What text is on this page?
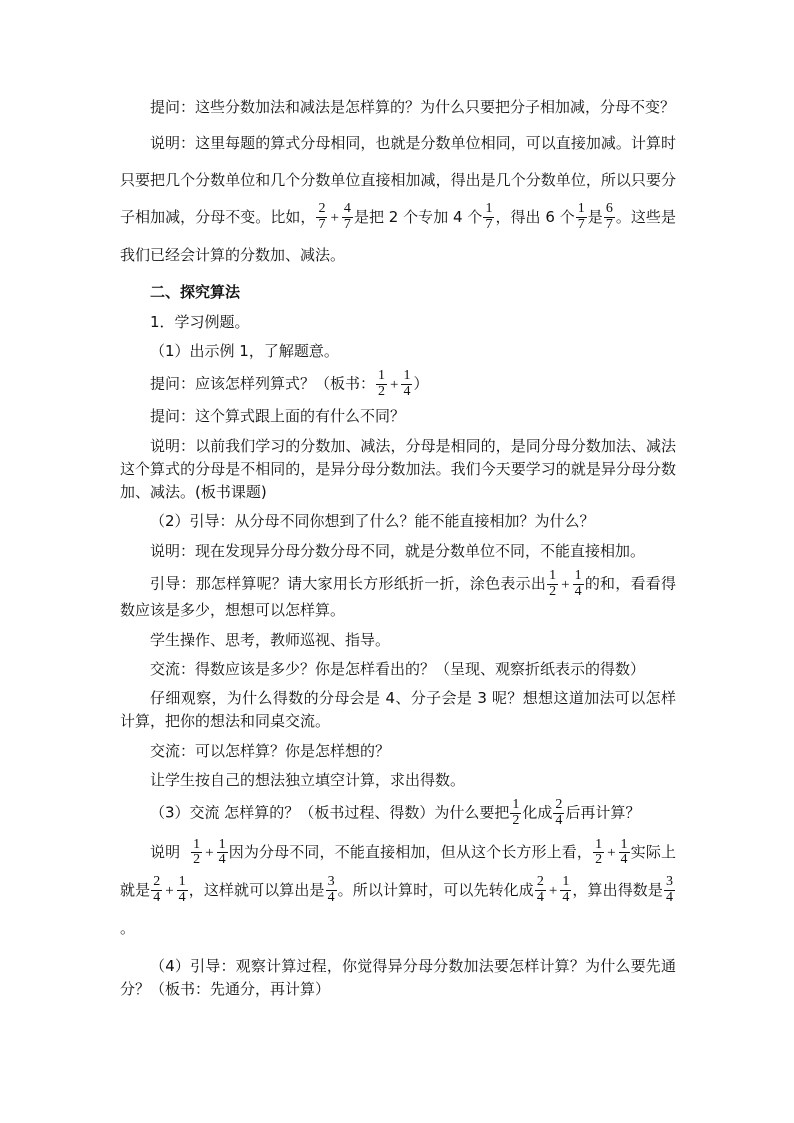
提问：这些分数加法和减法是怎样算的？为什么只要把分子相加减，分母不变？

说明：这里每题的算式分母相同，也就是分数单位相同，可以直接加减。计算时只要把几个分数单位和几个分数单位直接相加减，得出是几个分数单位，所以只要分子相加减，分母不变。比如， $\frac{2}{7} + \frac{4}{7}$ 是把 2 个专加 4 个 $\frac{1}{7}$ ，得出 6 个 $\frac{1}{7}$ 是 $\frac{6}{7}$ 。这些是我们已经会计算的分数加、减法。

二、探究算法

1．学习例题。

（1）出示例 1，了解题意。

提问：应该怎样列算式？（板书： $\frac{1}{2} + \frac{1}{4}$ ）

提问：这个算式跟上面的有什么不同？

说明：以前我们学习的分数加、减法，分母是相同的，是同分母分数加法、减法这个算式的分母是不相同的，是异分母分数加法。我们今天要学习的就是异分母分数加、减法。(板书课题)

（2）引导：从分母不同你想到了什么？能不能直接相加？为什么？

说明：现在发现异分母分数分母不同，就是分数单位不同，不能直接相加。

引导：那怎样算呢？请大家用长方形纸折一折，涂色表示出 $\frac{1}{2} + \frac{1}{4}$ 的和，看看得数应该是多少，想想可以怎样算。

学生操作、思考，教师巡视、指导。

交流：得数应该是多少？你是怎样看出的？（呈现、观察折纸表示的得数）

仔细观察，为什么得数的分母会是 4、分子会是 3 呢？想想这道加法可以怎样计算，把你的想法和同桌交流。

交流：可以怎样算？你是怎样想的？

让学生按自己的想法独立填空计算，求出得数。

（3）交流 怎样算的？（板书过程、得数）为什么要把 $\frac{1}{2}$ 化成 $\frac{2}{4}$ 后再计算？

说明 $\frac{1}{2} + \frac{1}{4}$ 因为分母不同，不能直接相加，但从这个长方形上看， $\frac{1}{2} + \frac{1}{4}$ 实际上就是 $\frac{2}{4} + \frac{1}{4}$ ，这样就可以算出是 $\frac{3}{4}$ 。所以计算时，可以先转化成 $\frac{2}{4} + \frac{1}{4}$ ，算出得数是 $\frac{3}{4}$
。

（4）引导：观察计算过程，你觉得异分母分数加法要怎样计算？为什么要先通分？（板书：先通分，再计算）
